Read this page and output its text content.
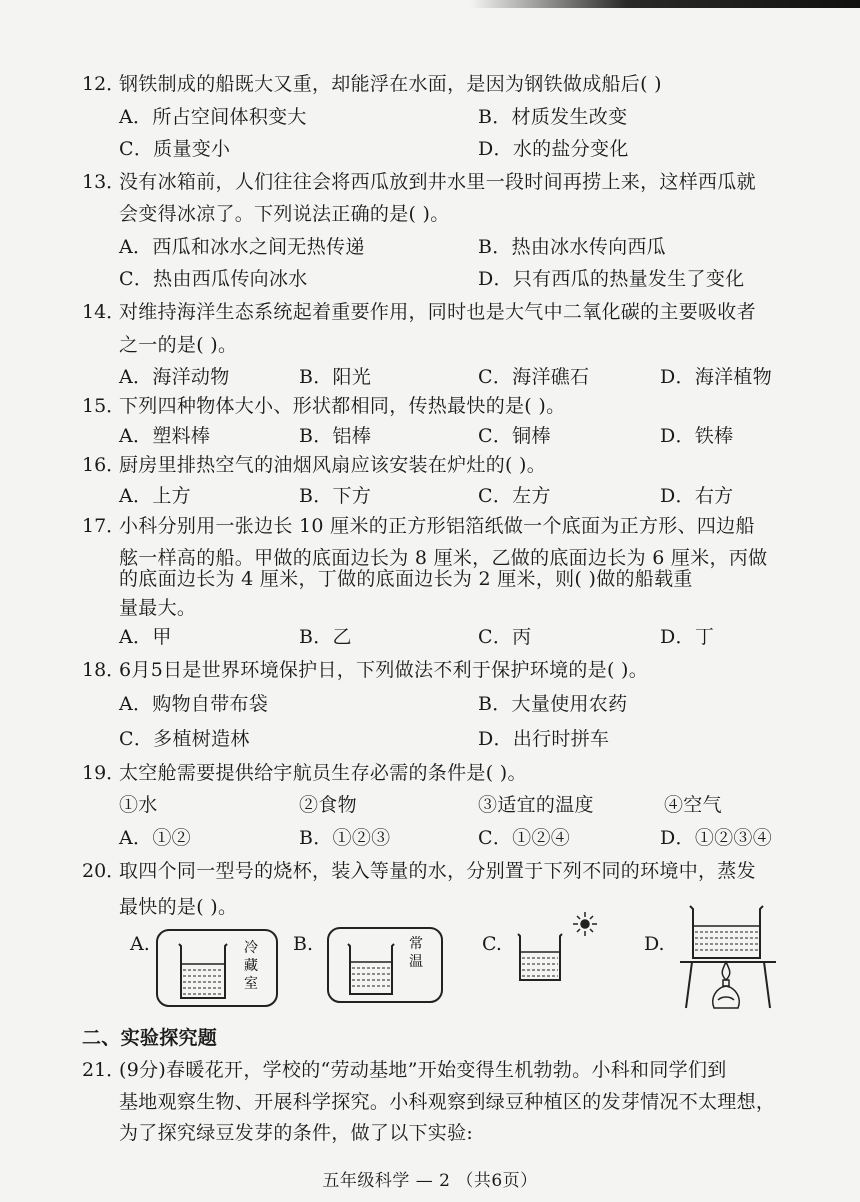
12．
钢铁制成的船既大又重，却能浮在水面，是因为钢铁做成船后( )
A．所占空间体积变大	B．材质发生改变
C．质量变小	D．水的盐分变化
13．
没有冰箱前，人们往往会将西瓜放到井水里一段时间再捞上来，这样西瓜就
会变得冰凉了。下列说法正确的是( )。
A．西瓜和冰水之间无热传递	B．热由冰水传向西瓜
C．热由西瓜传向冰水	D．只有西瓜的热量发生了变化
14．
对维持海洋生态系统起着重要作用，同时也是大气中二氧化碳的主要吸收者
之一的是( )。
A．海洋动物	B．阳光	C．海洋礁石	D．海洋植物
15．
下列四种物体大小、形状都相同，传热最快的是( )。
A．塑料棒	B．铝棒	C．铜棒	D．铁棒
16．
厨房里排热空气的油烟风扇应该安装在炉灶的( )。
A．上方	B．下方	C．左方	D．右方
17．
小科分别用一张边长 10 厘米的正方形铝箔纸做一个底面为正方形、四边船
舷一样高的船。甲做的底面边长为 8 厘米，乙做的底面边长为 6 厘米，丙做
的底面边长为 4 厘米，丁做的底面边长为 2 厘米，则( )做的船载重
量最大。
A．甲	B．乙	C．丙	D．丁
18．
6月5日是世界环境保护日，下列做法不利于保护环境的是( )。
A．购物自带布袋	B．大量使用农药
C．多植树造林	D．出行时拼车
19．
太空舱需要提供给宇航员生存必需的条件是( )。
①水	②食物	③适宜的温度	④空气
A．①②	B．①②③	C．①②④	D．①②③④
20．
取四个同一型号的烧杯，装入等量的水，分别置于下列不同的环境中，蒸发
最快的是( )。
A.	B.	C.	D.
冷
藏
室
常
温
二、实验探究题
21．
(9分)春暖花开，学校的“劳动基地”开始变得生机勃勃。小科和同学们到
基地观察生物、开展科学探究。小科观察到绿豆种植区的发芽情况不太理想，
为了探究绿豆发芽的条件，做了以下实验:
五年级科学 — 2 （共6页）
